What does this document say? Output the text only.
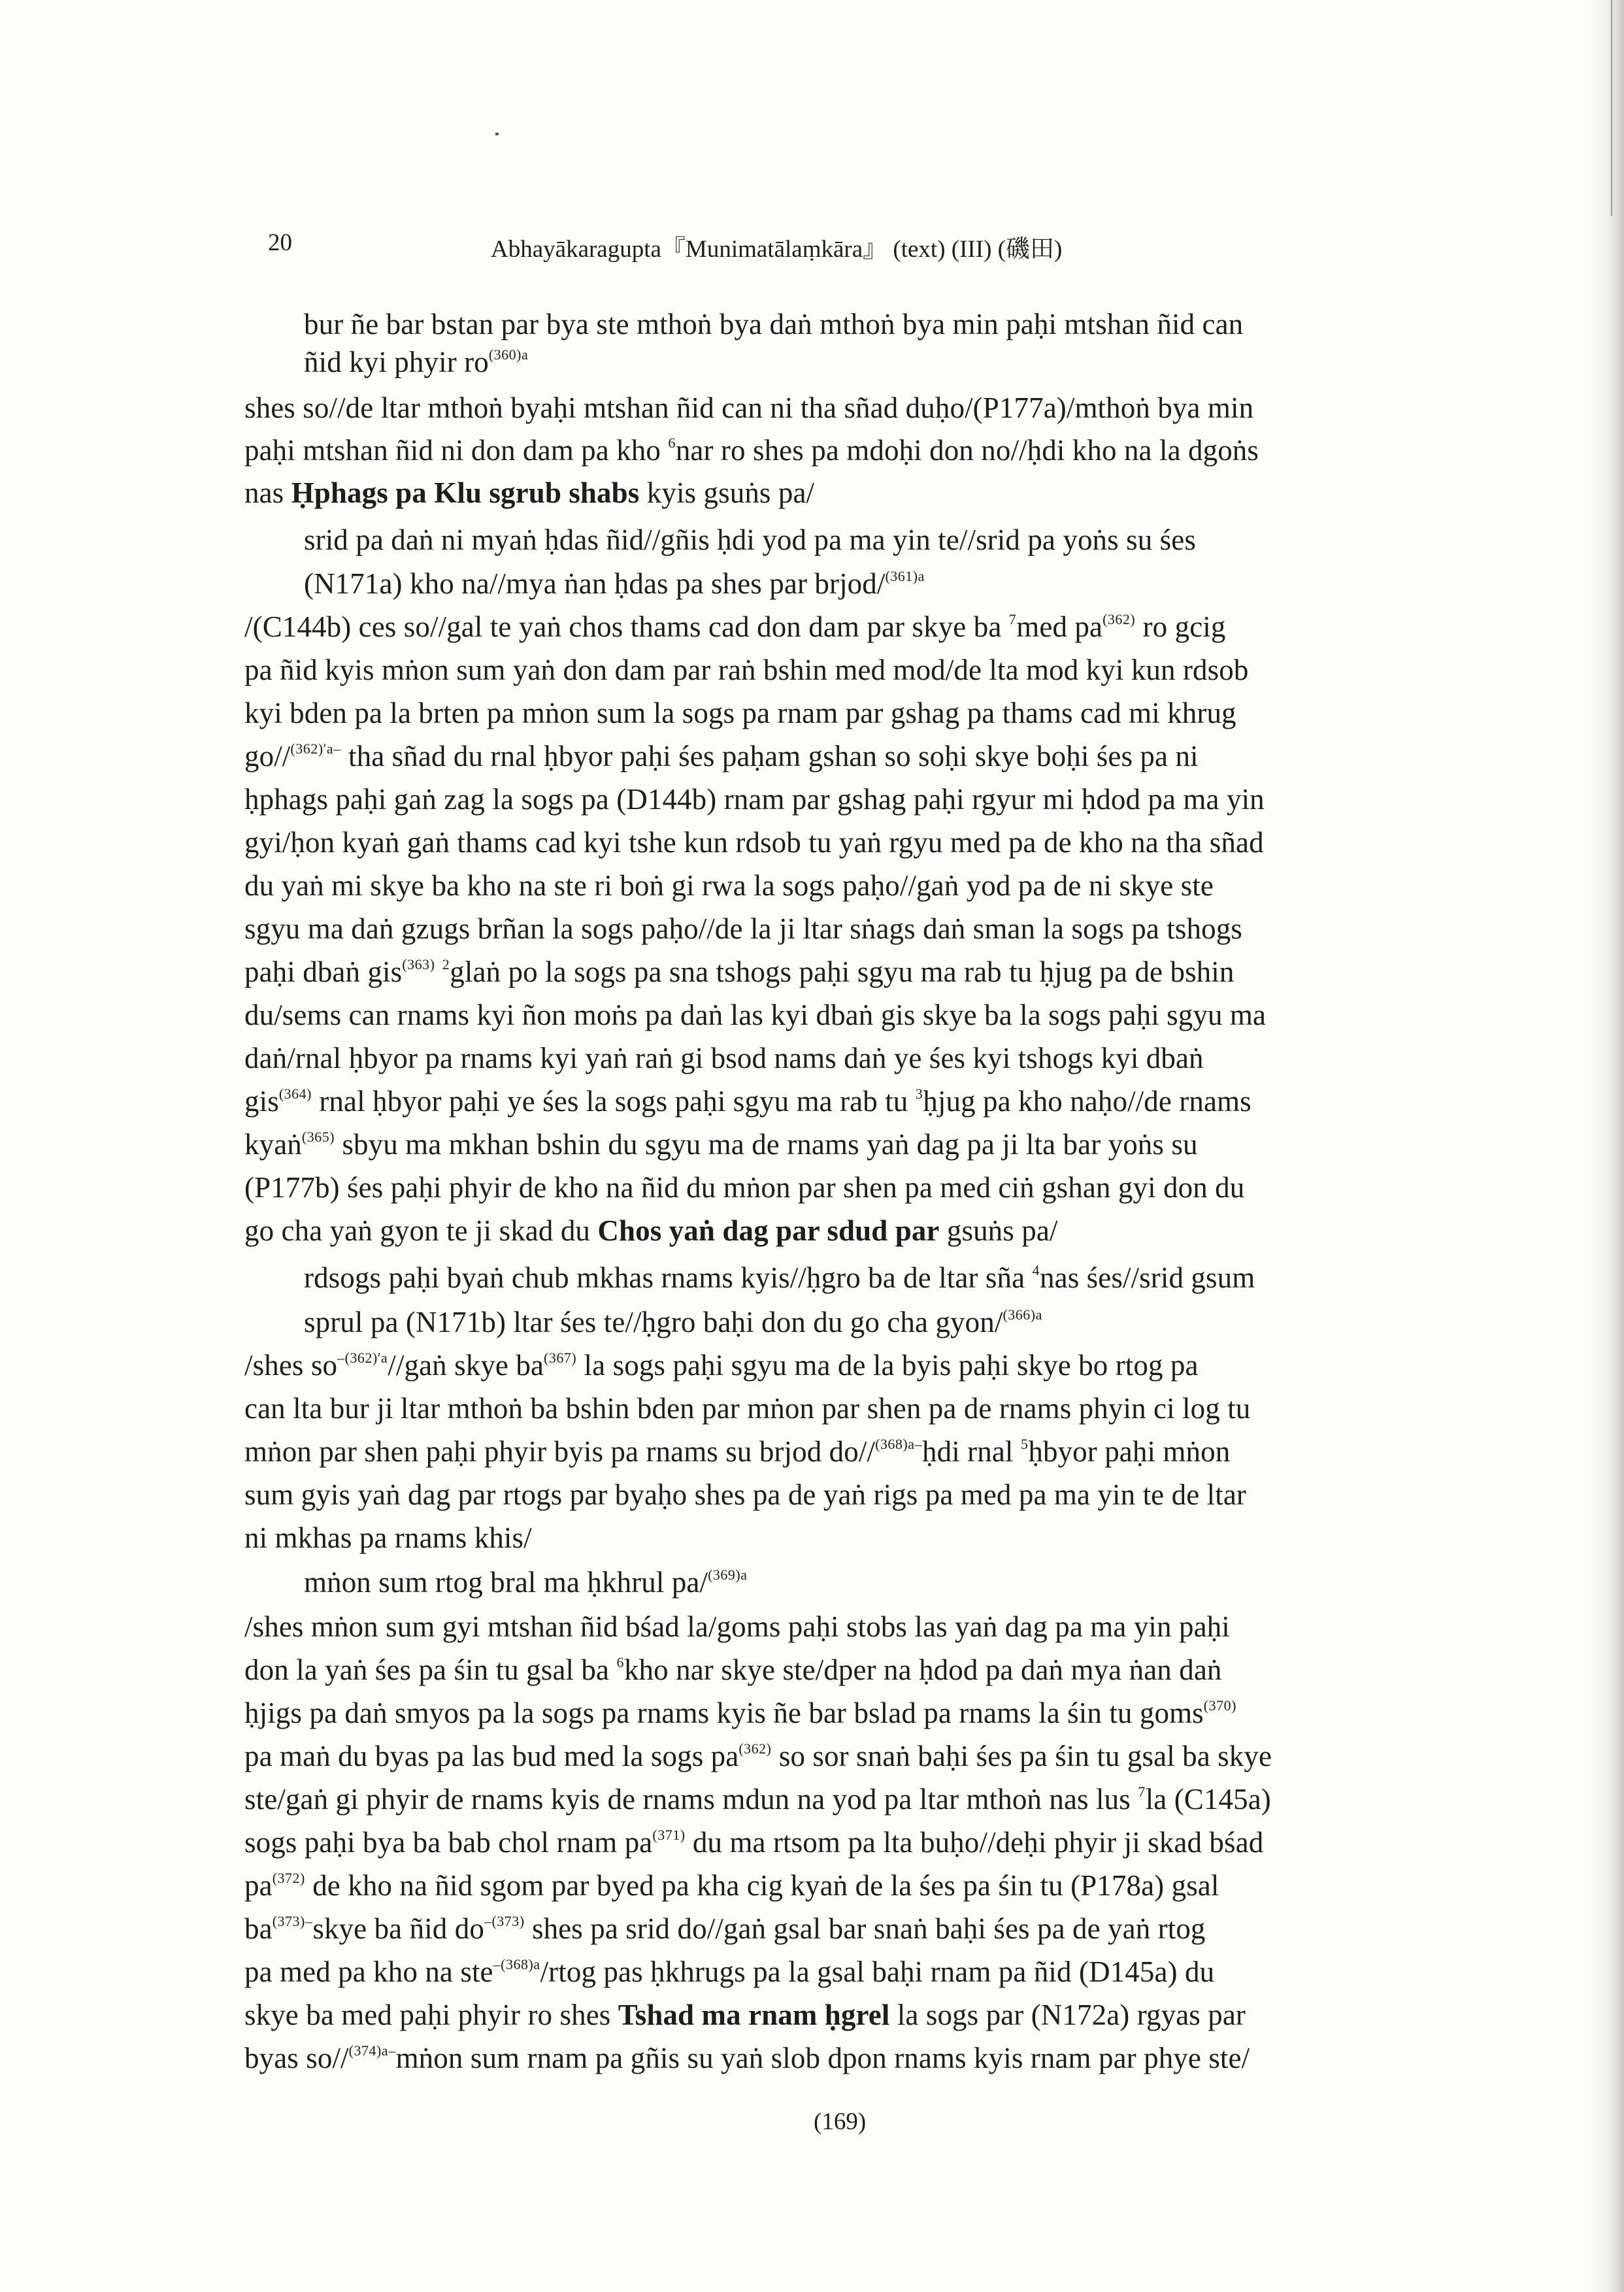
20	Abhayākaragupta『Munimatālaṃkāra』 (text) (III) (磯田)
bur ñe bar bstan par bya ste mthoṅ bya daṅ mthoṅ bya min paḥi mtshan ñid can
ñid kyi phyir $ro^{(360)a}$
shes so//de ltar mthoṅ byaḥi mtshan ñid can ni tha sñad duḥo/(P177a)/mthoṅ bya min
paḥi mtshan ñid ni don dam pa kho $^6$nar ro shes pa mdoḥi don no//ḥdi kho na la dgoṅs
nas Ḥphags pa Klu sgrub shabs kyis gsuṅs pa/
srid pa daṅ ni myaṅ ḥdas ñid//gñis ḥdi yod pa ma yin te//srid pa yoṅs su śes
(N171a) kho na//mya ṅan ḥdas pa shes par brjod/$^{(361)a}$
/(C144b) ces so//gal te yaṅ chos thams cad don dam par skye ba $^7$med $pa^{(362)}$ ro gcig
pa ñid kyis mṅon sum yaṅ don dam par raṅ bshin med mod/de lta mod kyi kun rdsob
kyi bden pa la brten pa mṅon sum la sogs pa rnam par gshag pa thams cad mi khrug
go//$^{(362)'a-}$ tha sñad du rnal ḥbyor paḥi śes paḥam gshan so soḥi skye boḥi śes pa ni
ḥphags paḥi gaṅ zag la sogs pa (D144b) rnam par gshag paḥi rgyur mi ḥdod pa ma yin
gyi/ḥon kyaṅ gaṅ thams cad kyi tshe kun rdsob tu yaṅ rgyu med pa de kho na tha sñad
du yaṅ mi skye ba kho na ste ri boṅ gi rwa la sogs paḥo//gaṅ yod pa de ni skye ste
sgyu ma daṅ gzugs brñan la sogs paḥo//de la ji ltar sṅags daṅ sman la sogs pa tshogs
paḥi dbaṅ gis$^{(363)}$ $^2$glaṅ po la sogs pa sna tshogs paḥi sgyu ma rab tu ḥjug pa de bshin
du/sems can rnams kyi ñon moṅs pa daṅ las kyi dbaṅ gis skye ba la sogs paḥi sgyu ma
daṅ/rnal ḥbyor pa rnams kyi yaṅ raṅ gi bsod nams daṅ ye śes kyi tshogs kyi dbaṅ
gis$^{(364)}$ rnal ḥbyor paḥi ye śes la sogs paḥi sgyu ma rab tu $^3$ḥjug pa kho naḥo//de rnams
kyaṅ$^{(365)}$ sbyu ma mkhan bshin du sgyu ma de rnams yaṅ dag pa ji lta bar yoṅs su
(P177b) śes paḥi phyir de kho na ñid du mṅon par shen pa med ciṅ gshan gyi don du
go cha yaṅ gyon te ji skad du Chos yaṅ dag par sdud par gsuṅs pa/
rdsogs paḥi byaṅ chub mkhas rnams kyis//ḥgro ba de ltar sña $^4$nas śes//srid gsum
sprul pa (N171b) ltar śes te//ḥgro baḥi don du go cha gyon/$^{(366)a}$
/shes $so^{-(362)'a}/$/gaṅ skye $ba^{(367)}$ la sogs paḥi sgyu ma de la byis paḥi skye bo rtog pa
can lta bur ji ltar mthoṅ ba bshin bden par mṅon par shen pa de rnams phyin ci log tu
mṅon par shen paḥi phyir byis pa rnams su brjod do//$^{(368)a-}$ḥdi rnal $^5$ḥbyor paḥi mṅon
sum gyis yaṅ dag par rtogs par byaḥo shes pa de yaṅ rigs pa med pa ma yin te de ltar
ni mkhas pa rnams khis/
mṅon sum rtog bral ma ḥkhrul pa/$^{(369)a}$
/shes mṅon sum gyi mtshan ñid bśad la/goms paḥi stobs las yaṅ dag pa ma yin paḥi
don la yaṅ śes pa śin tu gsal ba $^6$kho nar skye ste/dper na ḥdod pa daṅ mya ṅan daṅ
ḥjigs pa daṅ smyos pa la sogs pa rnams kyis ñe bar bslad pa rnams la śin tu goms$^{(370)}$
pa maṅ du byas pa las bud med la sogs $pa^{(362)}$ so sor snaṅ baḥi śes pa śin tu gsal ba skye
ste/gaṅ gi phyir de rnams kyis de rnams mdun na yod pa ltar mthoṅ nas lus $^7$la (C145a)
sogs paḥi bya ba bab chol rnam $pa^{(371)}$ du ma rtsom pa lta buḥo//deḥi phyir ji skad bśad
$pa^{(372)}$ de kho na ñid sgom par byed pa kha cig kyaṅ de la śes pa śin tu (P178a) gsal
$ba^{(373)-}skye$ ba ñid $do^{-(373)}$ shes pa srid do//gaṅ gsal bar snaṅ baḥi śes pa de yaṅ rtog
pa med pa kho na ste$^{-(368)a}$/rtog pas ḥkhrugs pa la gsal baḥi rnam pa ñid (D145a) du
skye ba med paḥi phyir ro shes Tshad ma rnam ḥgrel la sogs par (N172a) rgyas par
byas so//$^{(374)a-}$mṅon sum rnam pa gñis su yaṅ slob dpon rnams kyis rnam par phye ste/
(169)
